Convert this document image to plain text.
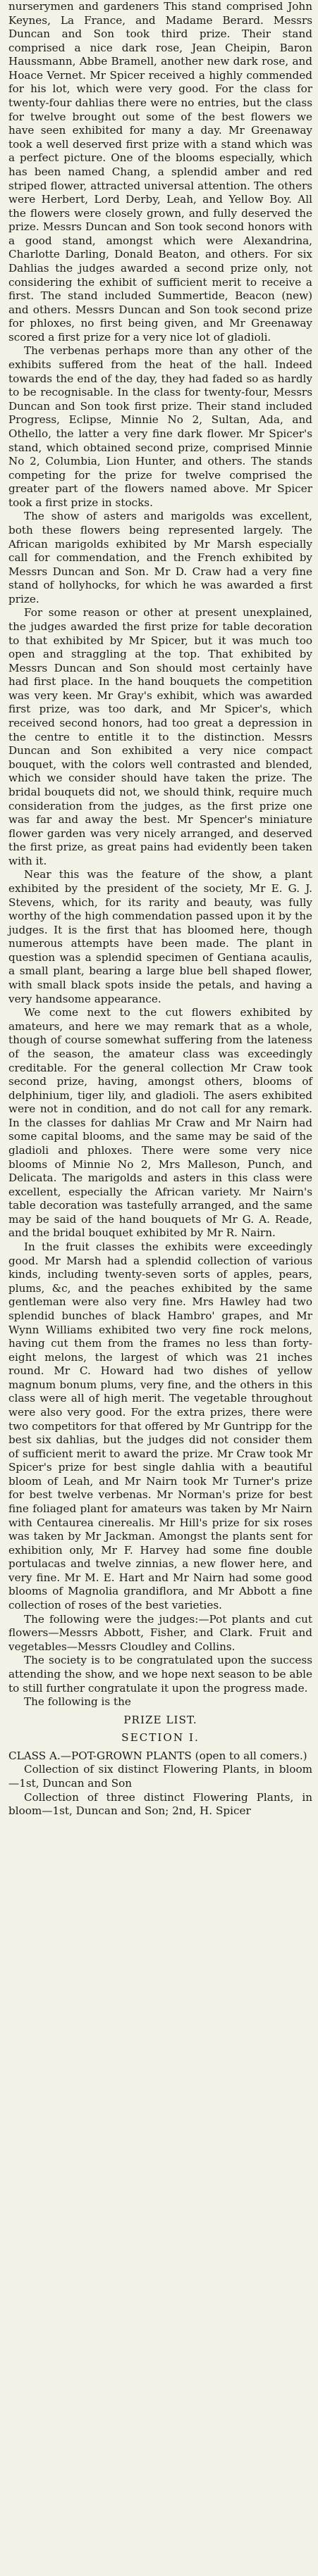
nurserymen and gardeners This stand comprised John Keynes, La France, and Madame Berard. Messrs Duncan and Son took third prize. Their stand comprised a nice dark rose, Jean Cheipin, Baron Haussmann, Abbe Bramell, another new dark rose, and Hoace Vernet. Mr Spicer received a highly commended for his lot, which were very good. For the class for twenty-four dahlias there were no entries, but the class for twelve brought out some of the best flowers we have seen exhibited for many a day. Mr Greenaway took a well deserved first prize with a stand which was a perfect picture. One of the blooms especially, which has been named Chang, a splendid amber and red striped flower, attracted universal attention. The others were Herbert, Lord Derby, Leah, and Yellow Boy. All the flowers were closely grown, and fully deserved the prize. Messrs Duncan and Son took second honors with a good stand, amongst which were Alexandrina, Charlotte Darling, Donald Beaton, and others. For six Dahlias the judges awarded a second prize only, not considering the exhibit of sufficient merit to receive a first. The stand included Summertide, Beacon (new) and others. Messrs Duncan and Son took second prize for phloxes, no first being given, and Mr Greenaway scored a first prize for a very nice lot of gladioli.

The verbenas perhaps more than any other of the exhibits suffered from the heat of the hall. Indeed towards the end of the day, they had faded so as hardly to be recognisable. In the class for twenty-four, Messrs Duncan and Son took first prize. Their stand included Progress, Eclipse, Minnie No 2, Sultan, Ada, and Othello, the latter a very fine dark flower. Mr Spicer's stand, which obtained second prize, comprised Minnie No 2, Columbia, Lion Hunter, and others. The stands competing for the prize for twelve comprised the greater part of the flowers named above. Mr Spicer took a first prize in stocks.

The show of asters and marigolds was excellent, both these flowers being represented largely. The African marigolds exhibited by Mr Marsh especially call for commendation, and the French exhibited by Messrs Duncan and Son. Mr D. Craw had a very fine stand of hollyhocks, for which he was awarded a first prize.

For some reason or other at present unexplained, the judges awarded the first prize for table decoration to that exhibited by Mr Spicer, but it was much too open and straggling at the top. That exhibited by Messrs Duncan and Son should most certainly have had first place. In the hand bouquets the competition was very keen. Mr Gray's exhibit, which was awarded first prize, was too dark, and Mr Spicer's, which received second honors, had too great a depression in the centre to entitle it to the distinction. Messrs Duncan and Son exhibited a very nice compact bouquet, with the colors well contrasted and blended, which we consider should have taken the prize. The bridal bouquets did not, we should think, require much consideration from the judges, as the first prize one was far and away the best. Mr Spencer's miniature flower garden was very nicely arranged, and deserved the first prize, as great pains had evidently been taken with it.

Near this was the feature of the show, a plant exhibited by the president of the society, Mr E. G. J. Stevens, which, for its rarity and beauty, was fully worthy of the high commendation passed upon it by the judges. It is the first that has bloomed here, though numerous attempts have been made. The plant in question was a splendid specimen of Gentiana acaulis, a small plant, bearing a large blue bell shaped flower, with small black spots inside the petals, and having a very handsome appearance.

We come next to the cut flowers exhibited by amateurs, and here we may remark that as a whole, though of course somewhat suffering from the lateness of the season, the amateur class was exceedingly creditable. For the general collection Mr Craw took second prize, having, amongst others, blooms of delphinium, tiger lily, and gladioli. The asers exhibited were not in condition, and do not call for any remark. In the classes for dahlias Mr Craw and Mr Nairn had some capital blooms, and the same may be said of the gladioli and phloxes. There were some very nice blooms of Minnie No 2, Mrs Malleson, Punch, and Delicata. The marigolds and asters in this class were excellent, especially the African variety. Mr Nairn's table decoration was tastefully arranged, and the same may be said of the hand bouquets of Mr G. A. Reade, and the bridal bouquet exhibited by Mr R. Nairn.

In the fruit classes the exhibits were exceedingly good. Mr Marsh had a splendid collection of various kinds, including twenty-seven sorts of apples, pears, plums, &c, and the peaches exhibited by the same gentleman were also very fine. Mrs Hawley had two splendid bunches of black Hambro' grapes, and Mr Wynn Williams exhibited two very fine rock melons, having cut them from the frames no less than forty-eight melons, the largest of which was 21 inches round. Mr C. Howard had two dishes of yellow magnum bonum plums, very fine, and the others in this class were all of high merit. The vegetable throughout were also very good. For the extra prizes, there were two competitors for that offered by Mr Guntripp for the best six dahlias, but the judges did not consider them of sufficient merit to award the prize. Mr Craw took Mr Spicer's prize for best single dahlia with a beautiful bloom of Leah, and Mr Nairn took Mr Turner's prize for best twelve verbenas. Mr Norman's prize for best fine foliaged plant for amateurs was taken by Mr Nairn with Centaurea cinerealis. Mr Hill's prize for six roses was taken by Mr Jackman. Amongst the plants sent for exhibition only, Mr F. Harvey had some fine double portulacas and twelve zinnias, a new flower here, and very fine. Mr M. E. Hart and Mr Nairn had some good blooms of Magnolia grandiflora, and Mr Abbott a fine collection of roses of the best varieties.

The following were the judges:—Pot plants and cut flowers—Messrs Abbott, Fisher, and Clark. Fruit and vegetables—Messrs Cloudley and Collins.

The society is to be congratulated upon the success attending the show, and we hope next season to be able to still further congratulate it upon the progress made.

The following is the

PRIZE LIST.
SECTION I.

CLASS A.—POT-GROWN PLANTS (open to all comers.)

Collection of six distinct Flowering Plants, in bloom—1st, Duncan and Son

Collection of three distinct Flowering Plants, in bloom—1st, Duncan and Son; 2nd, H. Spicer
